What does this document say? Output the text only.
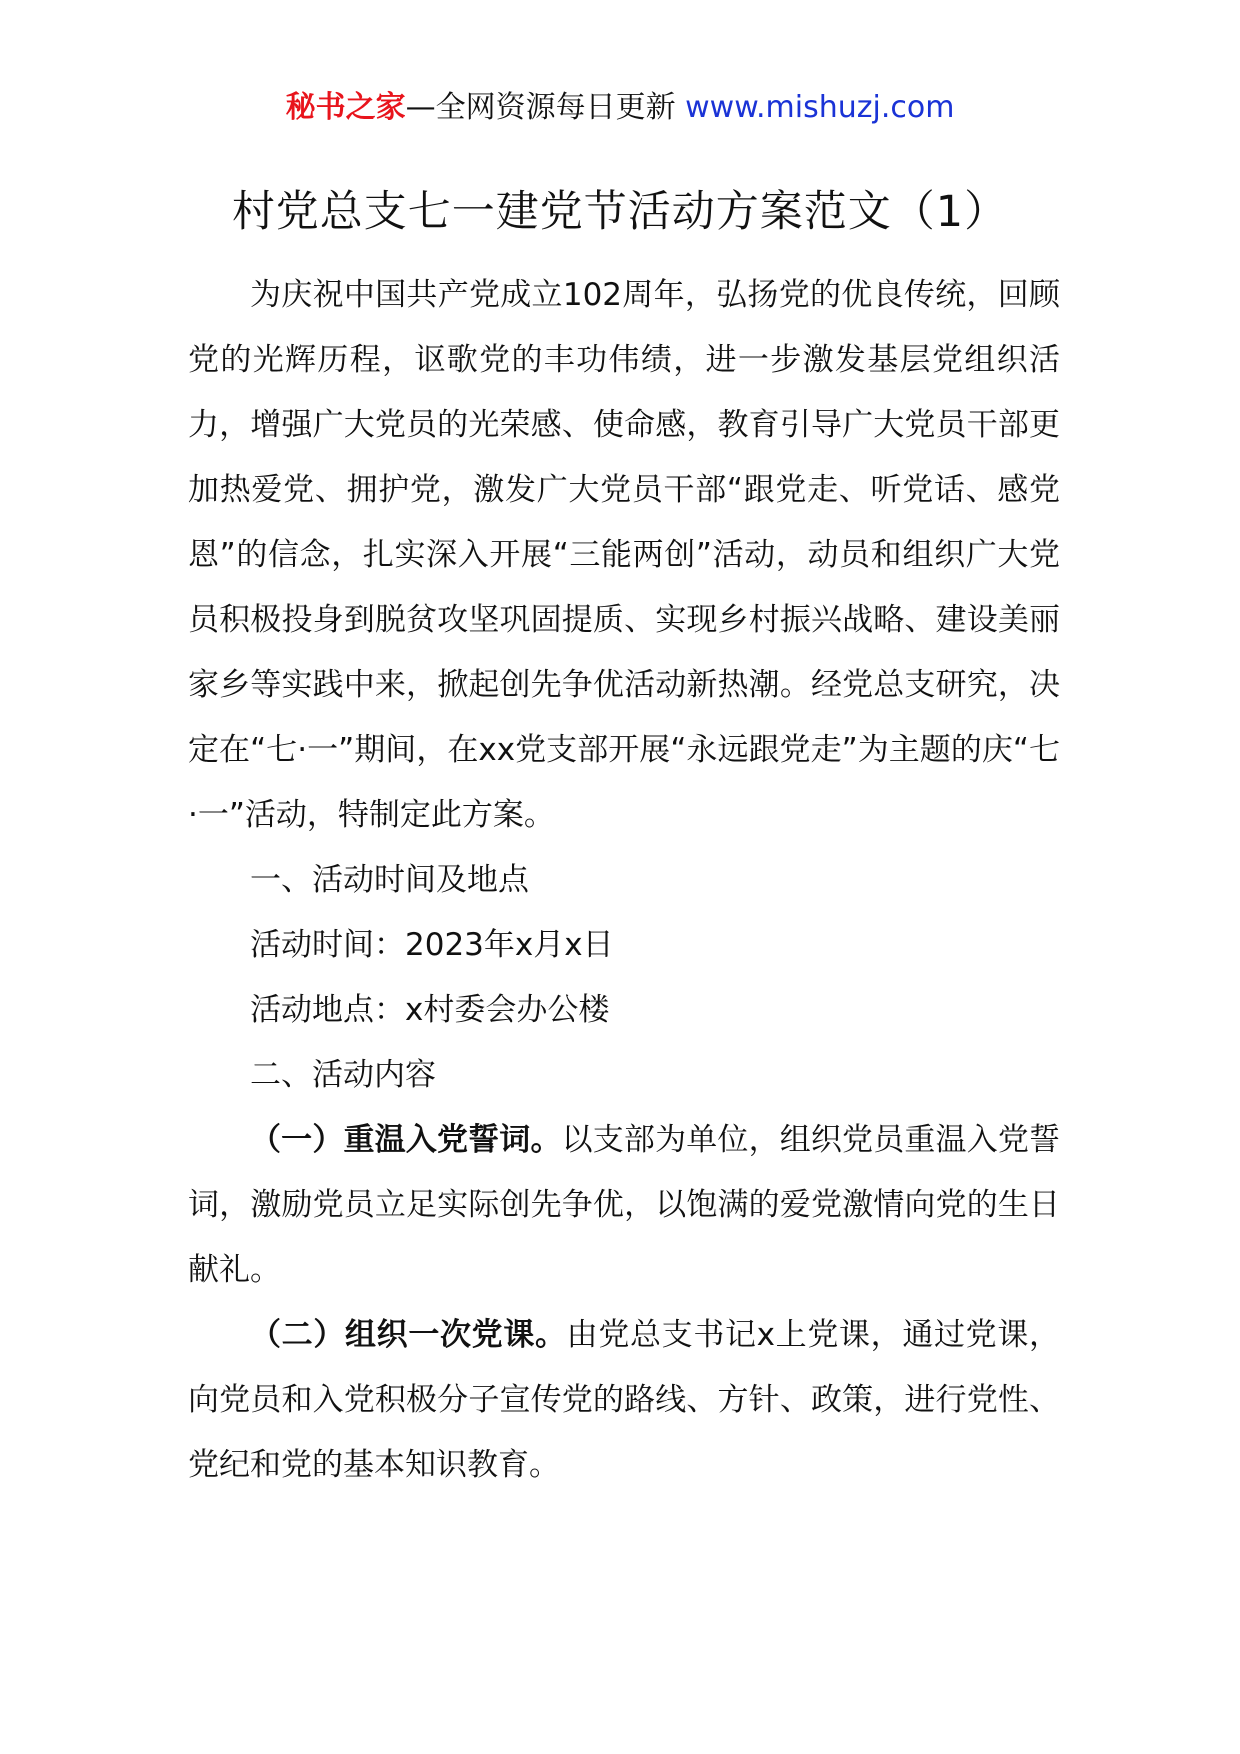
秘书之家—全网资源每日更新 www.mishuzj.com
村党总支七一建党节活动方案范文（1）

为庆祝中国共产党成立102周年，弘扬党的优良传统，回顾党的光辉历程，讴歌党的丰功伟绩，进一步激发基层党组织活力，增强广大党员的光荣感、使命感，教育引导广大党员干部更加热爱党、拥护党，激发广大党员干部“跟党走、听党话、感党恩”的信念，扎实深入开展“三能两创”活动，动员和组织广大党员积极投身到脱贫攻坚巩固提质、实现乡村振兴战略、建设美丽家乡等实践中来，掀起创先争优活动新热潮。经党总支研究，决定在“七·一”期间，在xx党支部开展“永远跟党走”为主题的庆“七·一”活动，特制定此方案。

一、活动时间及地点

活动时间：2023年x月x日

活动地点：x村委会办公楼

二、活动内容

（一）重温入党誓词。以支部为单位，组织党员重温入党誓词，激励党员立足实际创先争优，以饱满的爱党激情向党的生日献礼。

（二）组织一次党课。由党总支书记x上党课，通过党课，向党员和入党积极分子宣传党的路线、方针、政策，进行党性、党纪和党的基本知识教育。
